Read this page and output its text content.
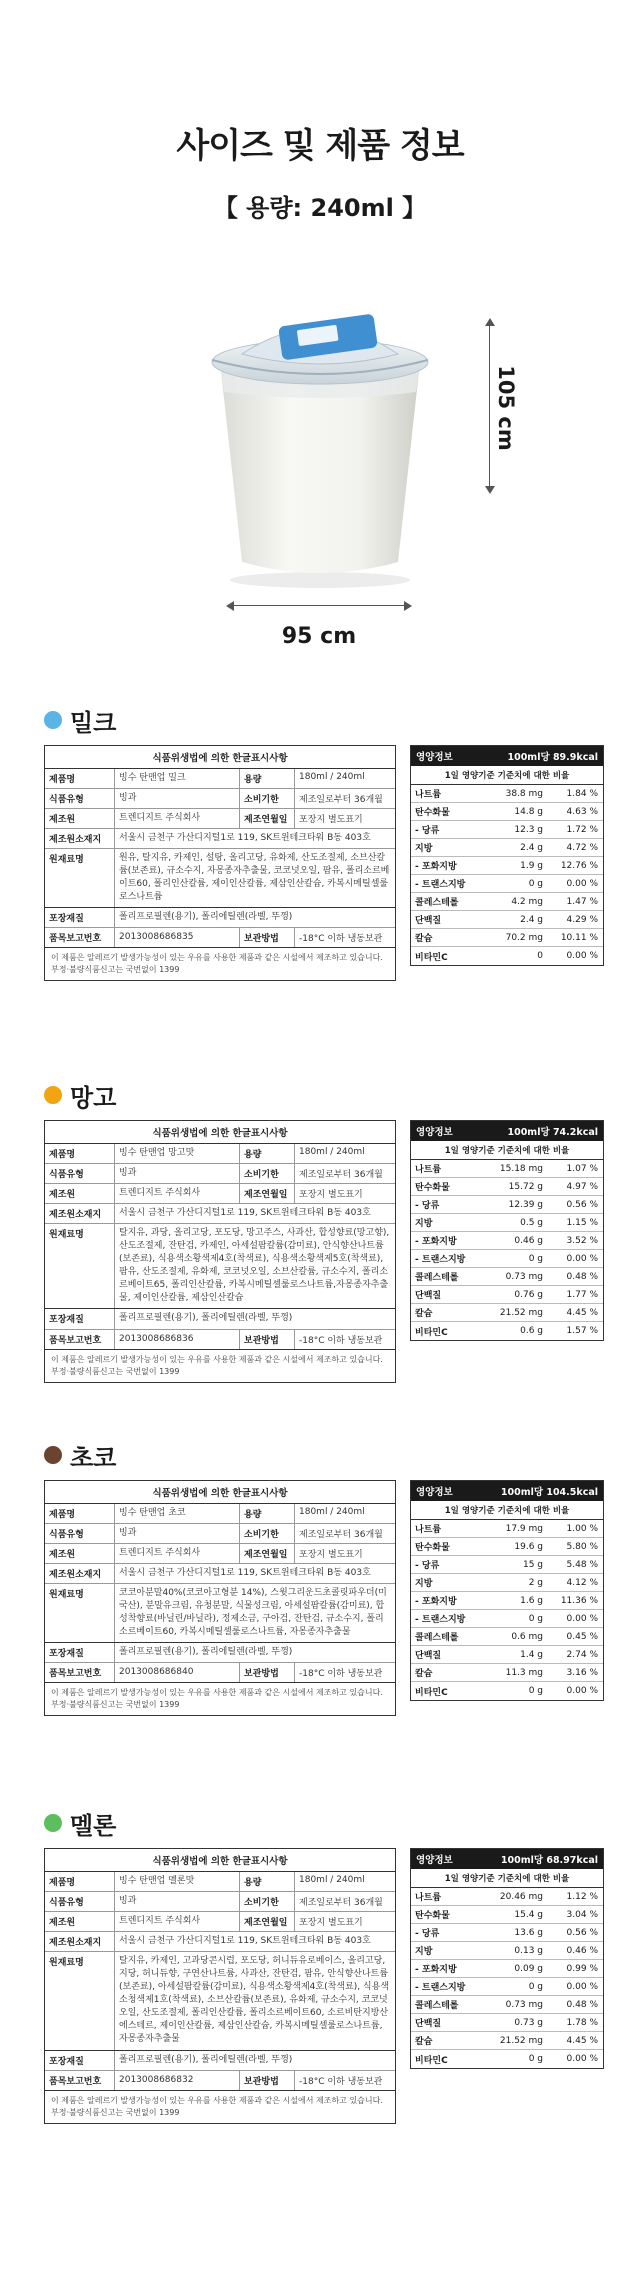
사이즈 및 제품 정보
【 용량: 240ml 】
105 cm
95 cm
밀크
식품위생법에 의한 한글표시사항
제품명	빙수 탄맨업 밀크	용량	180ml / 240ml
식품유형	빙과	소비기한	제조일로부터 36개월
제조원	트렌디지트 주식회사	제조연월일	포장지 별도표기
제조원소재지	서울시 금천구 가산디지털1로 119, SK트윈테크타워 B동 403호
원재료명	원유, 탈지유, 카제인, 설탕, 올리고당, 유화제, 산도조절제, 소브산칼륨(보존료), 규소수지, 자몽종자추출물, 코코넛오일, 팜유, 폴리소르베이트60, 폴리인산칼륨, 제이인산칼륨, 제삼인산칼슘, 카복시메틸셀룰로스나트륨
포장재질	폴리프로필렌(용기), 폴리에틸렌(라벨, 뚜껑)
품목보고번호	2013008686835	보관방법	-18°C 이하 냉동보관
이 제품은 알레르기 발생가능성이 있는 우유를 사용한 제품과 같은 시설에서 제조하고 있습니다.
부정·불량식품신고는 국번없이 1399
영양정보	100ml당 89.9kcal
1일 영양기준 기준치에 대한 비율
나트륨	38.8 mg	1.84 %
탄수화물	14.8 g	4.63 %
- 당류	12.3 g	1.72 %
지방	2.4 g	4.72 %
- 포화지방	1.9 g	12.76 %
- 트랜스지방	0 g	0.00 %
콜레스테롤	4.2 mg	1.47 %
단백질	2.4 g	4.29 %
칼슘	70.2 mg	10.11 %
비타민C	0	0.00 %
망고
식품위생법에 의한 한글표시사항
제품명	빙수 탄맨업 망고맛	용량	180ml / 240ml
식품유형	빙과	소비기한	제조일로부터 36개월
제조원	트렌디지트 주식회사	제조연월일	포장지 별도표기
제조원소재지	서울시 금천구 가산디지털1로 119, SK트윈테크타워 B동 403호
원재료명	탈지유, 과당, 올리고당, 포도당, 망고주스, 사과산, 합성향료(망고향), 산도조절제, 잔탄검, 카제인, 아세설팜칼륨(감미료), 안식향산나트륨(보존료), 식용색소황색제4호(착색료), 식용색소황색제5호(착색료), 팜유, 산도조절제, 유화제, 코코넛오일, 소브산칼륨, 규소수지, 폴리소르베이트65, 폴리인산칼륨, 카복시메틸셀룰로스나트륨,자몽종자추출물, 제이인산칼륨, 제삼인산칼슘
포장재질	폴리프로필렌(용기), 폴리에틸렌(라벨, 뚜껑)
품목보고번호	2013008686836	보관방법	-18°C 이하 냉동보관
이 제품은 알레르기 발생가능성이 있는 우유를 사용한 제품과 같은 시설에서 제조하고 있습니다.
부정·불량식품신고는 국번없이 1399
영양정보	100ml당 74.2kcal
1일 영양기준 기준치에 대한 비율
나트륨	15.18 mg	1.07 %
탄수화물	15.72 g	4.97 %
- 당류	12.39 g	0.56 %
지방	0.5 g	1.15 %
- 포화지방	0.46 g	3.52 %
- 트랜스지방	0 g	0.00 %
콜레스테롤	0.73 mg	0.48 %
단백질	0.76 g	1.77 %
칼슘	21.52 mg	4.45 %
비타민C	0.6 g	1.57 %
초코
식품위생법에 의한 한글표시사항
제품명	빙수 탄맨업 초코	용량	180ml / 240ml
식품유형	빙과	소비기한	제조일로부터 36개월
제조원	트렌디지트 주식회사	제조연월일	포장지 별도표기
제조원소재지	서울시 금천구 가산디지털1로 119, SK트윈테크타워 B동 403호
원재료명	코코아분말40%(코코아고형분 14%), 스윗그리운드초콜릿파우더(미국산), 분말유크림, 유청분말, 식물성크림, 아세설팜칼륨(감미료), 합성착향료(바닐린/바닐라), 정제소금, 구아검, 잔탄검, 규소수지, 폴리소르베이트60, 카복시메틸셀룰로스나트륨, 자몽종자추출물
포장재질	폴리프로필렌(용기), 폴리에틸렌(라벨, 뚜껑)
품목보고번호	2013008686840	보관방법	-18°C 이하 냉동보관
이 제품은 알레르기 발생가능성이 있는 우유를 사용한 제품과 같은 시설에서 제조하고 있습니다.
부정·불량식품신고는 국번없이 1399
영양정보	100ml당 104.5kcal
1일 영양기준 기준치에 대한 비율
나트륨	17.9 mg	1.00 %
탄수화물	19.6 g	5.80 %
- 당류	15 g	5.48 %
지방	2 g	4.12 %
- 포화지방	1.6 g	11.36 %
- 트랜스지방	0 g	0.00 %
콜레스테롤	0.6 mg	0.45 %
단백질	1.4 g	2.74 %
칼슘	11.3 mg	3.16 %
비타민C	0 g	0.00 %
멜론
식품위생법에 의한 한글표시사항
제품명	빙수 탄맨업 멜론맛	용량	180ml / 240ml
식품유형	빙과	소비기한	제조일로부터 36개월
제조원	트렌디지트 주식회사	제조연월일	포장지 별도표기
제조원소재지	서울시 금천구 가산디지털1로 119, SK트윈테크타워 B동 403호
원재료명	탈지유, 카제인, 고과당콘시럽, 포도당, 허니듀유로베이스, 올리고당, 지당, 허니듀향, 구연산나트륨, 사과산, 잔탄검, 팜유, 안식향산나트륨(보존료), 아세설팜칼륨(감미료), 식용색소황색제4호(착색료), 식용색소청색제1호(착색료), 소브산칼륨(보존료), 유화제, 규소수지, 코코넛오일, 산도조절제, 폴리인산칼륨, 폴리소르베이트60, 소르비탄지방산에스테르, 제이인산칼륨, 제삼인산칼슘, 카복시메틸셀룰로스나트륨, 자몽종자추출물
포장재질	폴리프로필렌(용기), 폴리에틸렌(라벨, 뚜껑)
품목보고번호	2013008686832	보관방법	-18°C 이하 냉동보관
이 제품은 알레르기 발생가능성이 있는 우유를 사용한 제품과 같은 시설에서 제조하고 있습니다.
부정·불량식품신고는 국번없이 1399
영양정보	100ml당 68.97kcal
1일 영양기준 기준치에 대한 비율
나트륨	20.46 mg	1.12 %
탄수화물	15.4 g	3.04 %
- 당류	13.6 g	0.56 %
지방	0.13 g	0.46 %
- 포화지방	0.09 g	0.99 %
- 트랜스지방	0 g	0.00 %
콜레스테롤	0.73 mg	0.48 %
단백질	0.73 g	1.78 %
칼슘	21.52 mg	4.45 %
비타민C	0 g	0.00 %
